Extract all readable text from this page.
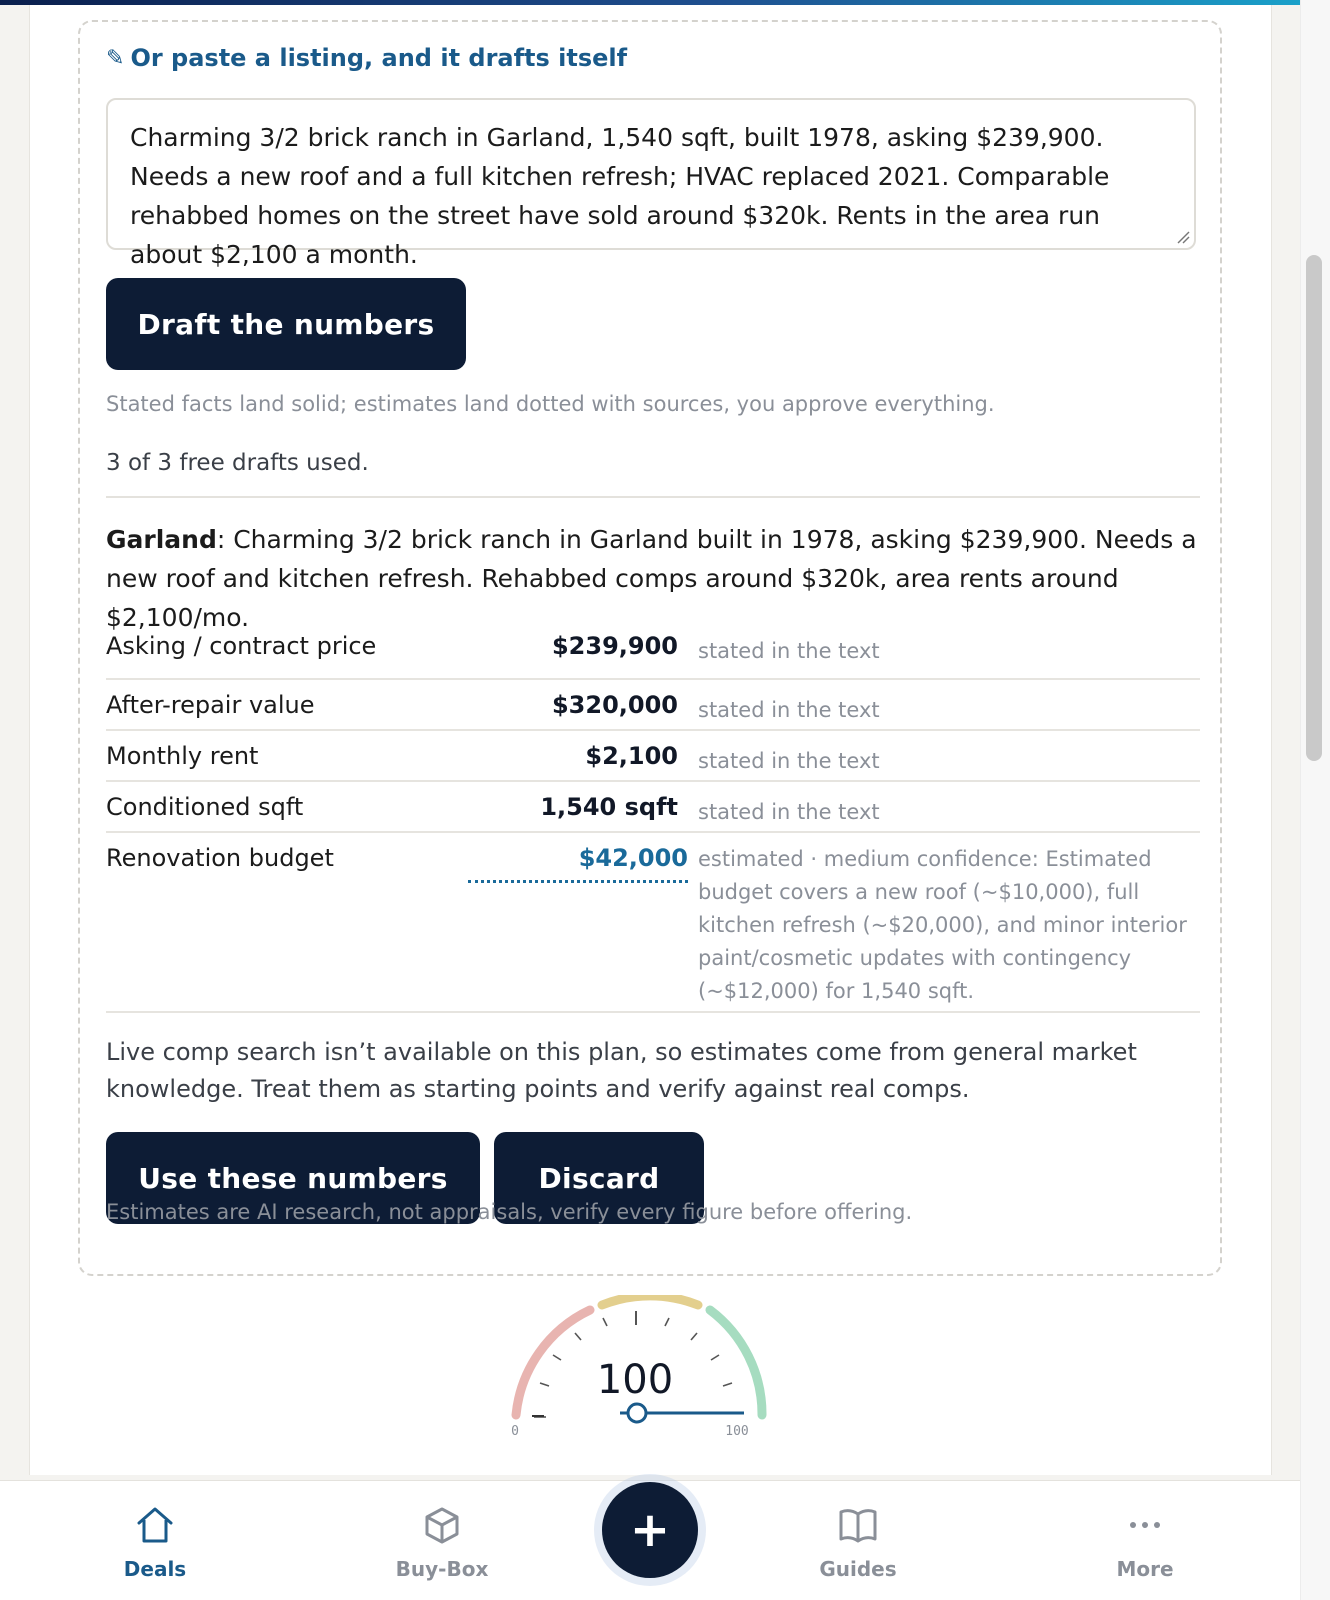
✎ Or paste a listing, and it drafts itself
Charming 3/2 brick ranch in Garland, 1,540 sqft, built 1978, asking $239,900. Needs a new roof and a full kitchen refresh; HVAC replaced 2021. Comparable rehabbed homes on the street have sold around $320k. Rents in the area run about $2,100 a month.
Draft the numbers
Stated facts land solid; estimates land dotted with sources, you approve everything.
3 of 3 free drafts used.
Garland: Charming 3/2 brick ranch in Garland built in 1978, asking $239,900. Needs a new roof and kitchen refresh. Rehabbed comps around $320k, area rents around $2,100/mo.
Asking / contract price	$239,900 stated in the text
After-repair value	$320,000 stated in the text
Monthly rent	$2,100 stated in the text
Conditioned sqft	1,540 sqft stated in the text
Renovation budget	$42,000 estimated · medium confidence: Estimated budget covers a new roof (~$10,000), full kitchen refresh (~$20,000), and minor interior paint/cosmetic updates with contingency (~$12,000) for 1,540 sqft.
Live comp search isn’t available on this plan, so estimates come from general market knowledge. Treat them as starting points and verify against real comps.
Use these numbers	Discard
Estimates are AI research, not appraisals, verify every figure before offering.
100
0	100
Deals	Buy-Box	Guides	More
+
